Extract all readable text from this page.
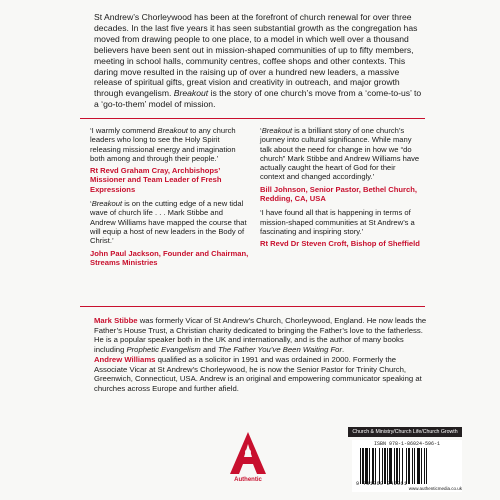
St Andrew’s Chorleywood has been at the forefront of church renewal for over three decades. In the last five years it has seen substantial growth as the congregation has moved from drawing people to one place, to a model in which well over a thousand believers have been sent out in mission-shaped communities of up to fifty members, meeting in school halls, community centres, coffee shops and other contexts. This daring move resulted in the raising up of over a hundred new leaders, a massive release of spiritual gifts, great vision and creativity in outreach, and major growth through evangelism. Breakout is the story of one church’s move from a ‘come-to-us’ to a ‘go-to-them’ model of mission.

‘I warmly commend Breakout to any church leaders who long to see the Holy Spirit releasing missional energy and imagination both among and through their people.’

Rt Revd Graham Cray, Archbishops’ Missioner and Team Leader of Fresh Expressions

‘Breakout is on the cutting edge of a new tidal wave of church life . . . Mark Stibbe and Andrew Williams have mapped the course that will equip a host of new leaders in the Body of Christ.’

John Paul Jackson, Founder and Chairman, Streams Ministries

‘Breakout is a brilliant story of one church’s journey into cultural significance. While many talk about the need for change in how we “do church” Mark Stibbe and Andrew Williams have actually caught the heart of God for their context and changed accordingly.’

Bill Johnson, Senior Pastor, Bethel Church, Redding, CA, USA

‘I have found all that is happening in terms of mission-shaped communities at St Andrew’s a fascinating and inspiring story.’

Rt Revd Dr Steven Croft, Bishop of Sheffield

Mark Stibbe was formerly Vicar of St Andrew’s Church, Chorleywood, England. He now leads the Father’s House Trust, a Christian charity dedicated to bringing the Father’s love to the fatherless. He is a popular speaker both in the UK and internationally, and is the author of many books including Prophetic Evangelism and The Father You’ve Been Waiting For.

Andrew Williams qualified as a solicitor in 1991 and was ordained in 2000. Formerly the Associate Vicar at St Andrew’s Chorleywood, he is now the Senior Pastor for Trinity Church, Greenwich, Connecticut, USA. Andrew is an original and empowering communicator speaking at churches across Europe and further afield.

Authentic
Church & Ministry/Church Life/Church Growth
ISBN 978-1-86024-596-1
9 781860 245961
www.authenticmedia.co.uk
